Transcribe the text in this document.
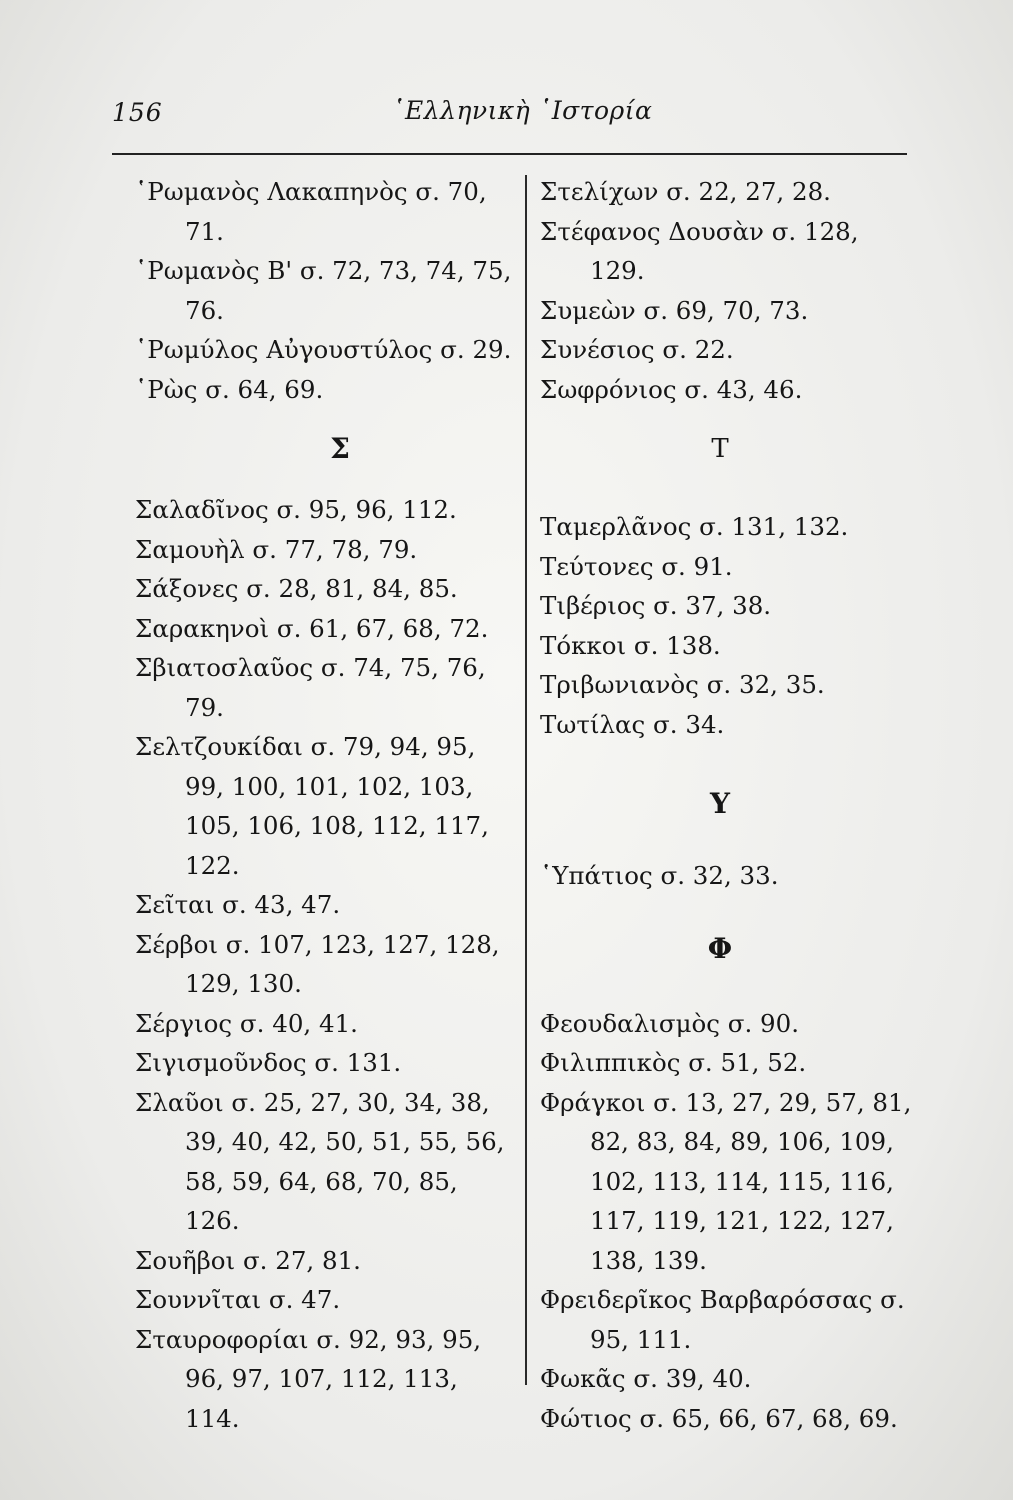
156	῾Ελληνικὴ ῾Ιστορία
῾Ρωμανὸς Λακαπηνὸς σ. 70, 71.
῾Ρωμανὸς Β' σ. 72, 73, 74, 75, 76.
῾Ρωμύλος Αὐγουστύλος σ. 29.
῾Ρὼς σ. 64, 69.
Σ
Σαλαδῖνος σ. 95, 96, 112.
Σαμουὴλ σ. 77, 78, 79.
Σάξονες σ. 28, 81, 84, 85.
Σαρακηνοὶ σ. 61, 67, 68, 72.
Σβιατοσλαῦος σ. 74, 75, 76, 79.
Σελτζουκίδαι σ. 79, 94, 95, 99, 100, 101, 102, 103, 105, 106, 108, 112, 117, 122.
Σεῖται σ. 43, 47.
Σέρβοι σ. 107, 123, 127, 128, 129, 130.
Σέργιος σ. 40, 41.
Σιγισμοῦνδος σ. 131.
Σλαῦοι σ. 25, 27, 30, 34, 38, 39, 40, 42, 50, 51, 55, 56, 58, 59, 64, 68, 70, 85, 126.
Σουῆβοι σ. 27, 81.
Σουννῖται σ. 47.
Σταυροφορίαι σ. 92, 93, 95, 96, 97, 107, 112, 113, 114.
Στελίχων σ. 22, 27, 28.
Στέφανος Δουσὰν σ. 128, 129.
Συμεὼν σ. 69, 70, 73.
Συνέσιος σ. 22.
Σωφρόνιος σ. 43, 46.
Τ
Ταμερλᾶνος σ. 131, 132.
Τεύτονες σ. 91.
Τιβέριος σ. 37, 38.
Τόκκοι σ. 138.
Τριβωνιανὸς σ. 32, 35.
Τωτίλας σ. 34.
Υ
῾Υπάτιος σ. 32, 33.
Φ
Φεουδαλισμὸς σ. 90.
Φιλιππικὸς σ. 51, 52.
Φράγκοι σ. 13, 27, 29, 57, 81, 82, 83, 84, 89, 106, 109, 102, 113, 114, 115, 116, 117, 119, 121, 122, 127, 138, 139.
Φρειδερῖκος Βαρβαρόσσας σ. 95, 111.
Φωκᾶς σ. 39, 40.
Φώτιος σ. 65, 66, 67, 68, 69.
